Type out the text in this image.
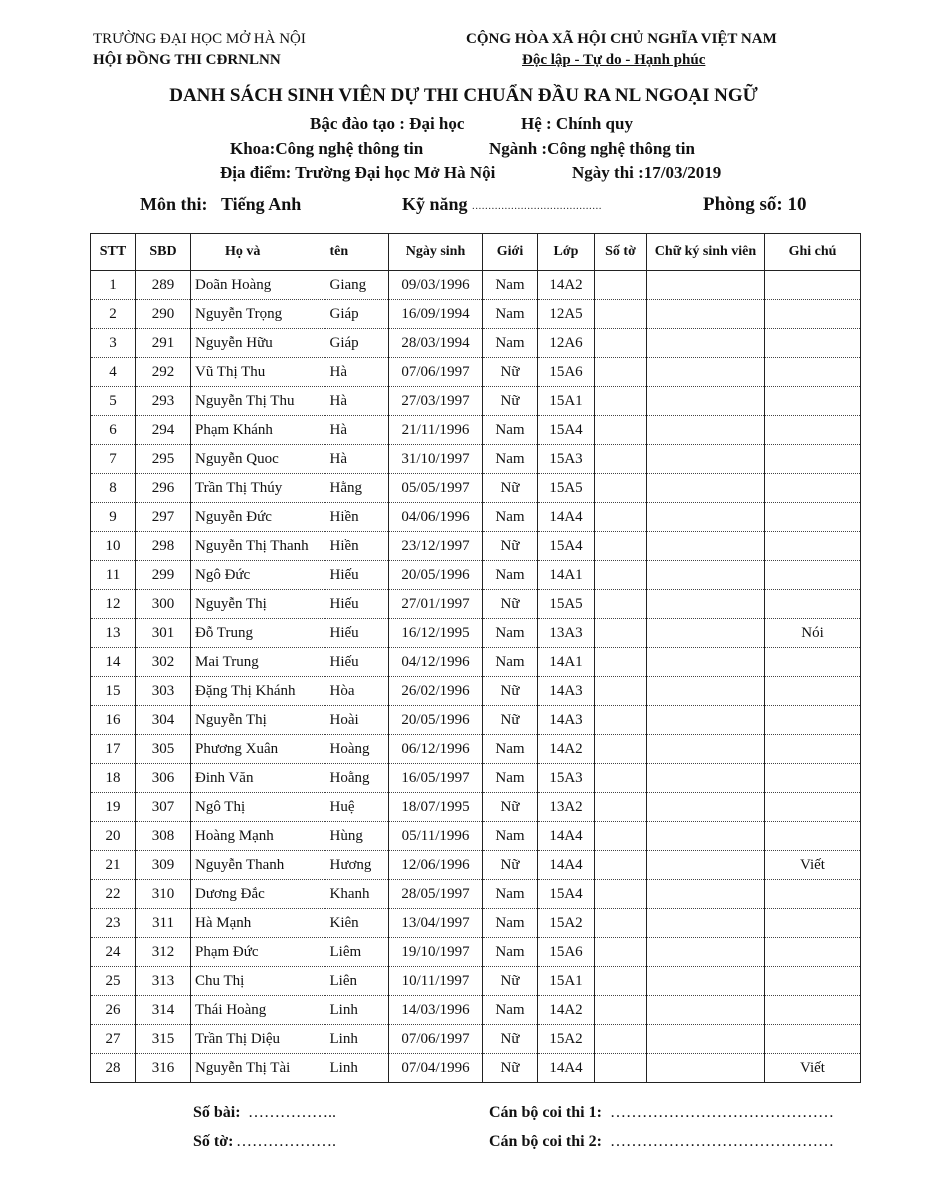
TRƯỜNG ĐẠI HỌC MỞ HÀ NỘI
HỘI ĐỒNG THI CĐRNLNN
CỘNG HÒA XÃ HỘI CHỦ NGHĨA VIỆT NAM
Độc lập - Tự do - Hạnh phúc
DANH SÁCH SINH VIÊN DỰ THI CHUẨN ĐẦU RA NL NGOẠI NGỮ
Bậc đào tạo : Đại học	Hệ : Chính quy
Khoa:Công nghệ thông tin	Ngành :Công nghệ thông tin
Địa điểm: Trường Đại học Mở Hà Nội	Ngày thi :17/03/2019
Môn thi: Tiếng Anh	Kỹ năng ........................................	Phòng số: 10
STT	SBD	Họ và	tên	Ngày sinh	Giới	Lớp	Số tờ	Chữ ký sinh viên	Ghi chú
1	289	Doãn Hoàng	Giang	09/03/1996	Nam	14A2			
2	290	Nguyễn Trọng	Giáp	16/09/1994	Nam	12A5			
3	291	Nguyễn Hữu	Giáp	28/03/1994	Nam	12A6			
4	292	Vũ Thị Thu	Hà	07/06/1997	Nữ	15A6			
5	293	Nguyễn Thị Thu	Hà	27/03/1997	Nữ	15A1			
6	294	Phạm Khánh	Hà	21/11/1996	Nam	15A4			
7	295	Nguyễn Quoc	Hà	31/10/1997	Nam	15A3			
8	296	Trần Thị Thúy	Hằng	05/05/1997	Nữ	15A5			
9	297	Nguyễn Đức	Hiền	04/06/1996	Nam	14A4			
10	298	Nguyễn Thị Thanh	Hiền	23/12/1997	Nữ	15A4			
11	299	Ngô Đức	Hiếu	20/05/1996	Nam	14A1			
12	300	Nguyễn Thị	Hiếu	27/01/1997	Nữ	15A5			
13	301	Đỗ Trung	Hiếu	16/12/1995	Nam	13A3			Nói
14	302	Mai Trung	Hiếu	04/12/1996	Nam	14A1			
15	303	Đặng Thị Khánh	Hòa	26/02/1996	Nữ	14A3			
16	304	Nguyễn Thị	Hoài	20/05/1996	Nữ	14A3			
17	305	Phương Xuân	Hoàng	06/12/1996	Nam	14A2			
18	306	Đinh Văn	Hoằng	16/05/1997	Nam	15A3			
19	307	Ngô Thị	Huệ	18/07/1995	Nữ	13A2			
20	308	Hoàng Mạnh	Hùng	05/11/1996	Nam	14A4			
21	309	Nguyễn Thanh	Hương	12/06/1996	Nữ	14A4			Viết
22	310	Dương Đắc	Khanh	28/05/1997	Nam	15A4			
23	311	Hà Mạnh	Kiên	13/04/1997	Nam	15A2			
24	312	Phạm Đức	Liêm	19/10/1997	Nam	15A6			
25	313	Chu Thị	Liên	10/11/1997	Nữ	15A1			
26	314	Thái Hoàng	Linh	14/03/1996	Nam	14A2			
27	315	Trần Thị Diệu	Linh	07/06/1997	Nữ	15A2			
28	316	Nguyễn Thị Tài	Linh	07/04/1996	Nữ	14A4			Viết
Số bài: ……………..
Số tờ: ……………….
Cán bộ coi thi 1: ……………………………………
Cán bộ coi thi 2: ……………………………………
